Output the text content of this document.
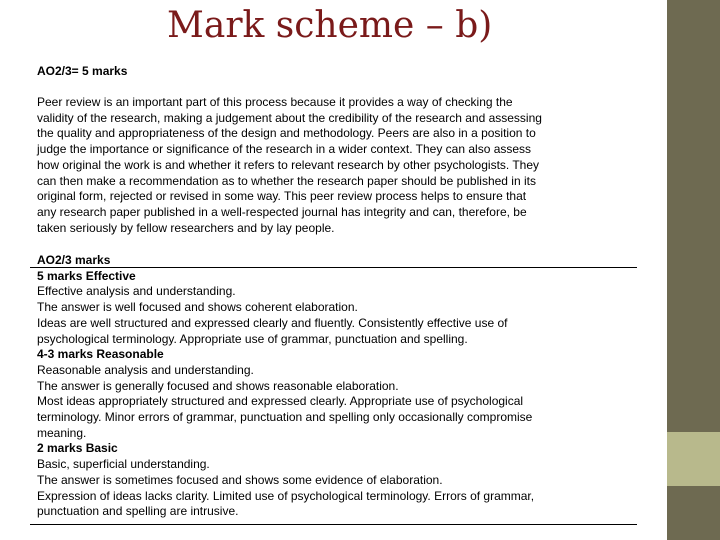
Mark scheme – b)
AO2/3= 5 marks
Peer review is an important part of this process because it provides a way of checking the
validity of the research, making a judgement about the credibility of the research and assessing
the quality and appropriateness of the design and methodology. Peers are also in a position to
judge the importance or significance of the research in a wider context. They can also assess
how original the work is and whether it refers to relevant research by other psychologists. They
can then make a recommendation as to whether the research paper should be published in its
original form, rejected or revised in some way. This peer review process helps to ensure that
any research paper published in a well-respected journal has integrity and can, therefore, be
taken seriously by fellow researchers and by lay people.
AO2/3 marks
5 marks Effective
Effective analysis and understanding.
The answer is well focused and shows coherent elaboration.
Ideas are well structured and expressed clearly and fluently. Consistently effective use of
psychological terminology. Appropriate use of grammar, punctuation and spelling.
4-3 marks Reasonable
Reasonable analysis and understanding.
The answer is generally focused and shows reasonable elaboration.
Most ideas appropriately structured and expressed clearly. Appropriate use of psychological
terminology. Minor errors of grammar, punctuation and spelling only occasionally compromise
meaning.
2 marks Basic
Basic, superficial understanding.
The answer is sometimes focused and shows some evidence of elaboration.
Expression of ideas lacks clarity. Limited use of psychological terminology. Errors of grammar,
punctuation and spelling are intrusive.
